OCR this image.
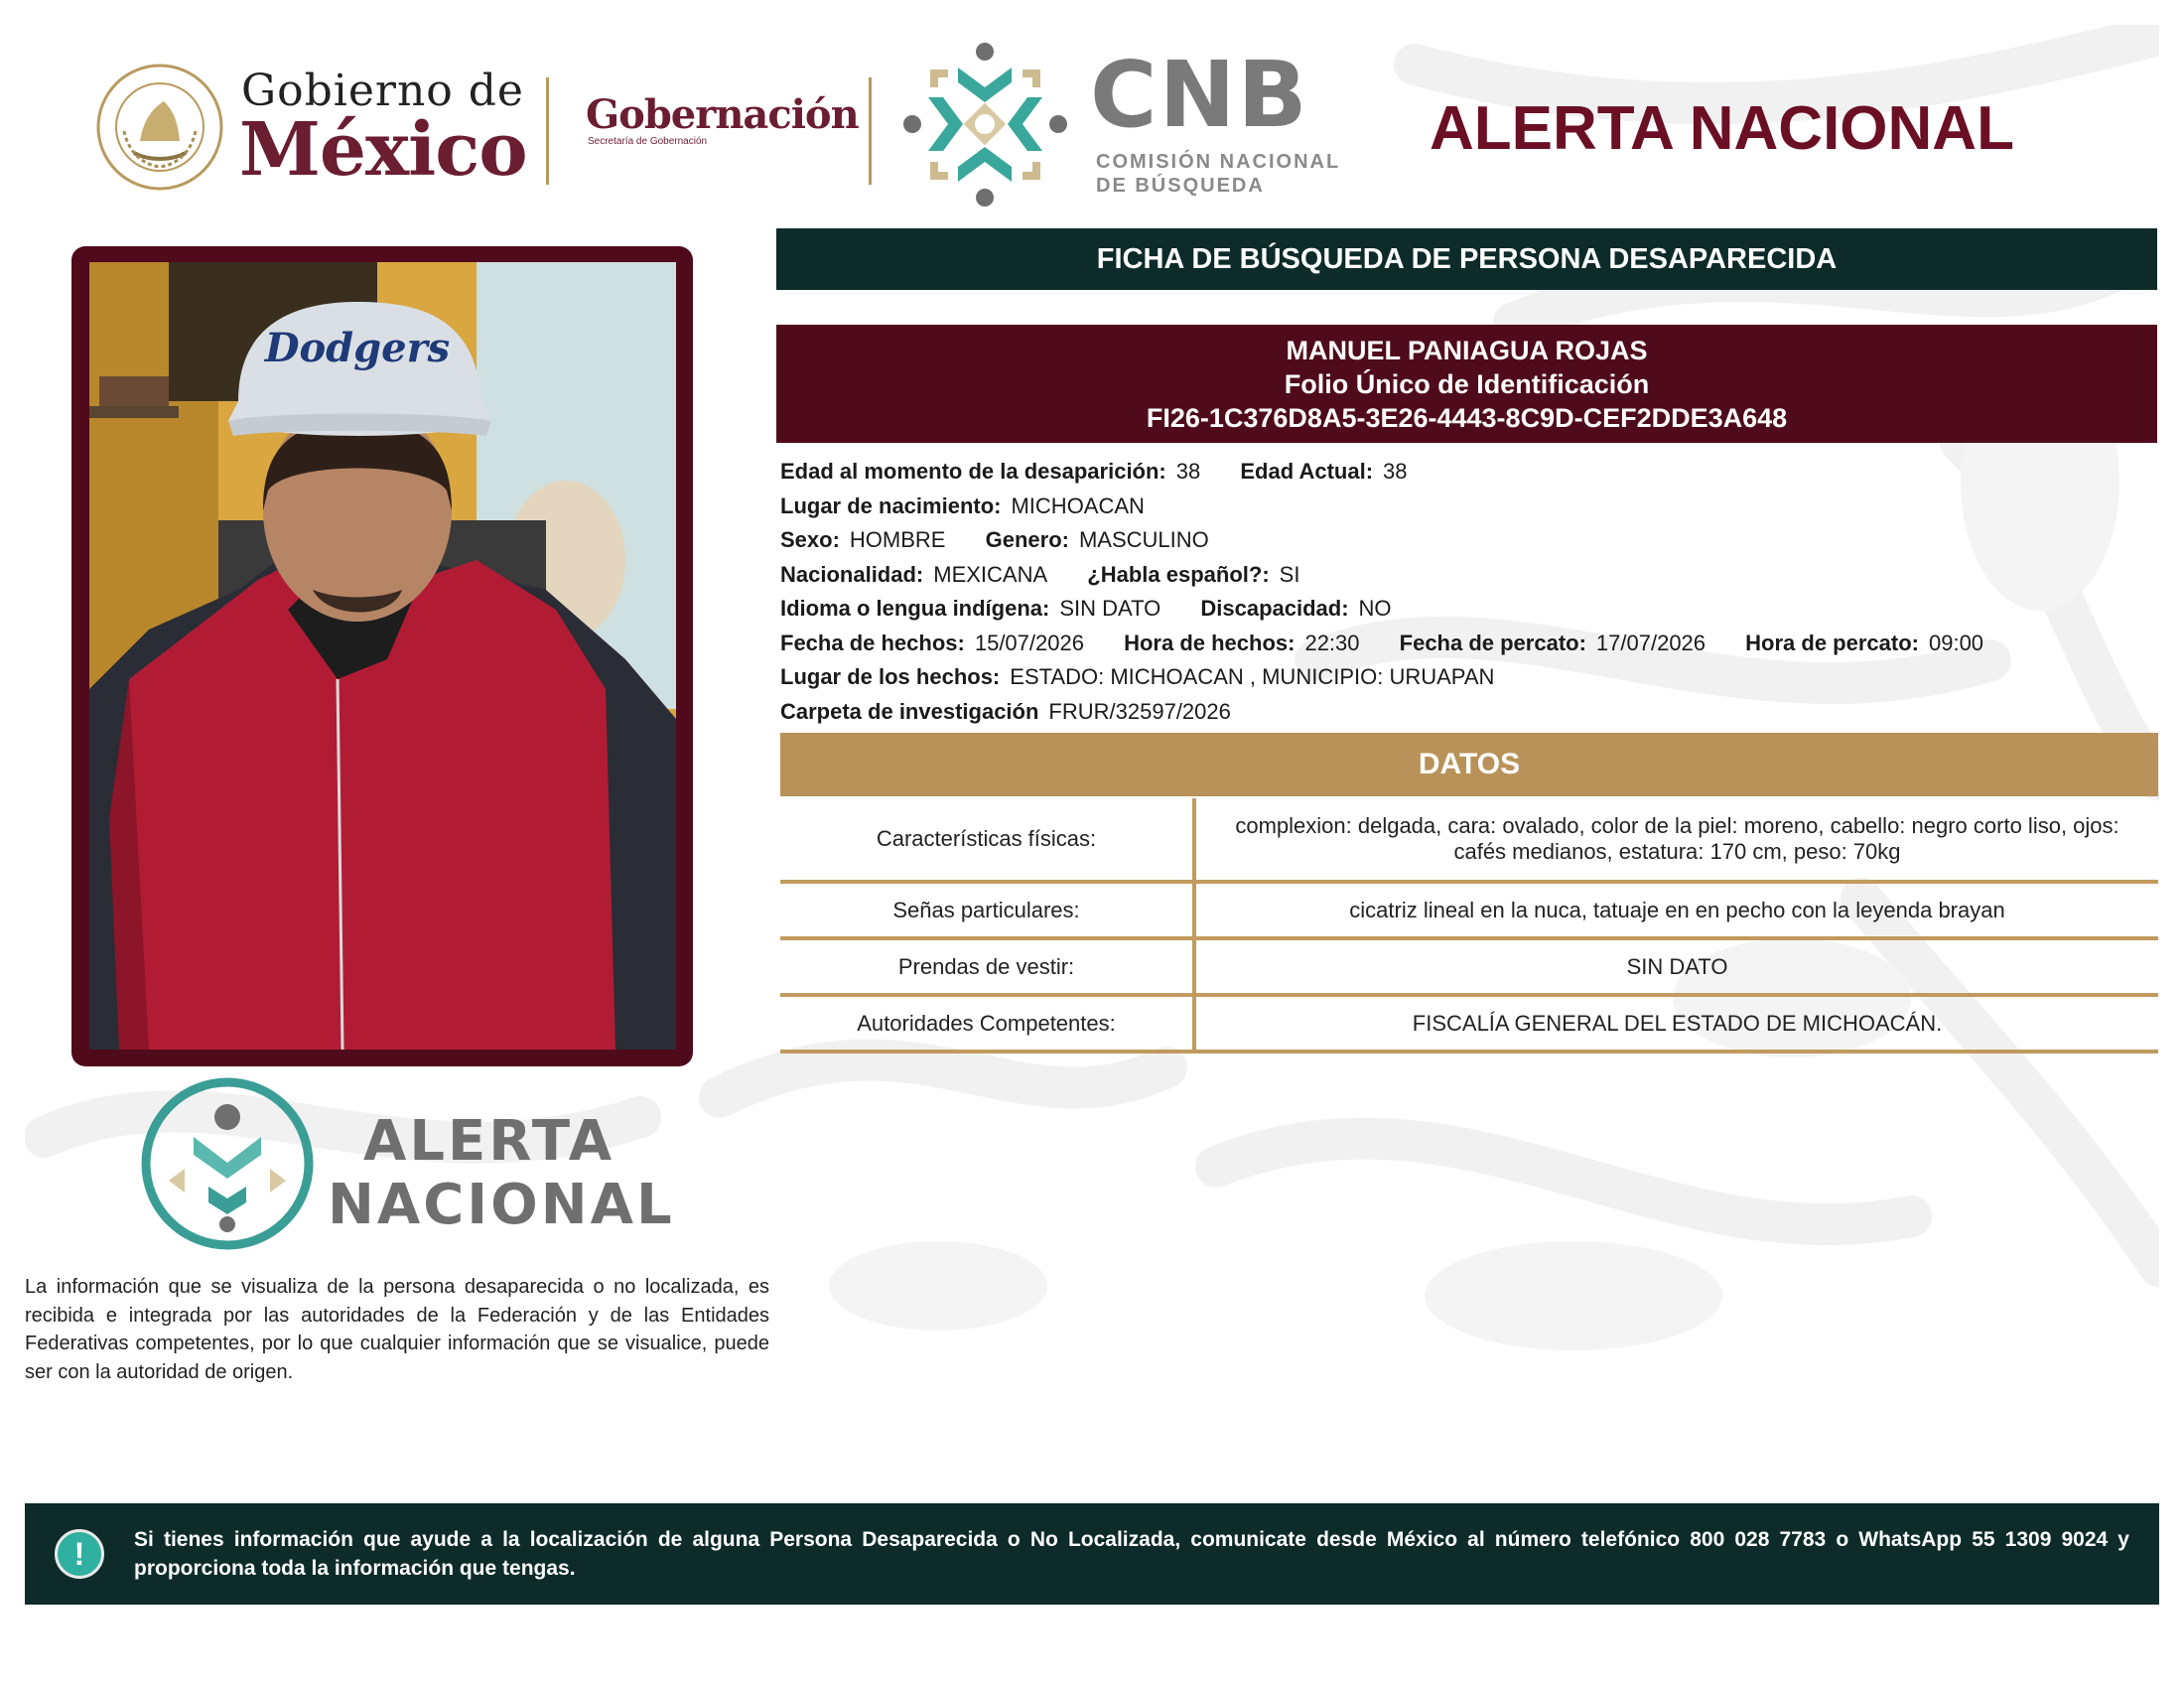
Gobierno de
México Gobernación
Secretaría de Gobernación	CNB
COMISIÓN NACIONAL
DE BÚSQUEDA
ALERTA NACIONAL
Dodgers
FICHA DE BÚSQUEDA DE PERSONA DESAPARECIDA
MANUEL PANIAGUA ROJAS
Folio Único de Identificación
FI26-1C376D8A5-3E26-4443-8C9D-CEF2DDE3A648
Edad al momento de la desaparición: 38 Edad Actual: 38
Lugar de nacimiento: MICHOACAN
Sexo: HOMBRE Genero: MASCULINO
Nacionalidad: MEXICANA ¿Habla español?: SI
Idioma o lengua indígena: SIN DATO Discapacidad: NO
Fecha de hechos: 15/07/2026 Hora de hechos: 22:30 Fecha de percato: 17/07/2026 Hora de percato: 09:00
Lugar de los hechos: ESTADO: MICHOACAN , MUNICIPIO: URUAPAN
Carpeta de investigación FRUR/32597/2026
DATOS
Características físicas:	complexion: delgada, cara: ovalado, color de la piel: moreno, cabello: negro corto liso, ojos: cafés medianos, estatura: 170 cm, peso: 70kg
Señas particulares:	cicatriz lineal en la nuca, tatuaje en en pecho con la leyenda brayan
Prendas de vestir:	SIN DATO
Autoridades Competentes:	FISCALÍA GENERAL DEL ESTADO DE MICHOACÁN.
ALERTA
NACIONAL
La información que se visualiza de la persona desaparecida o no localizada, es recibida e integrada por las autoridades de la Federación y de las Entidades Federativas competentes, por lo que cualquier información que se visualice, puede ser con la autoridad de origen.
!	Si tienes información que ayude a la localización de alguna Persona Desaparecida o No Localizada, comunicate desde México al número telefónico 800 028 7783 o WhatsApp 55 1309 9024 y proporciona toda la información que tengas.
